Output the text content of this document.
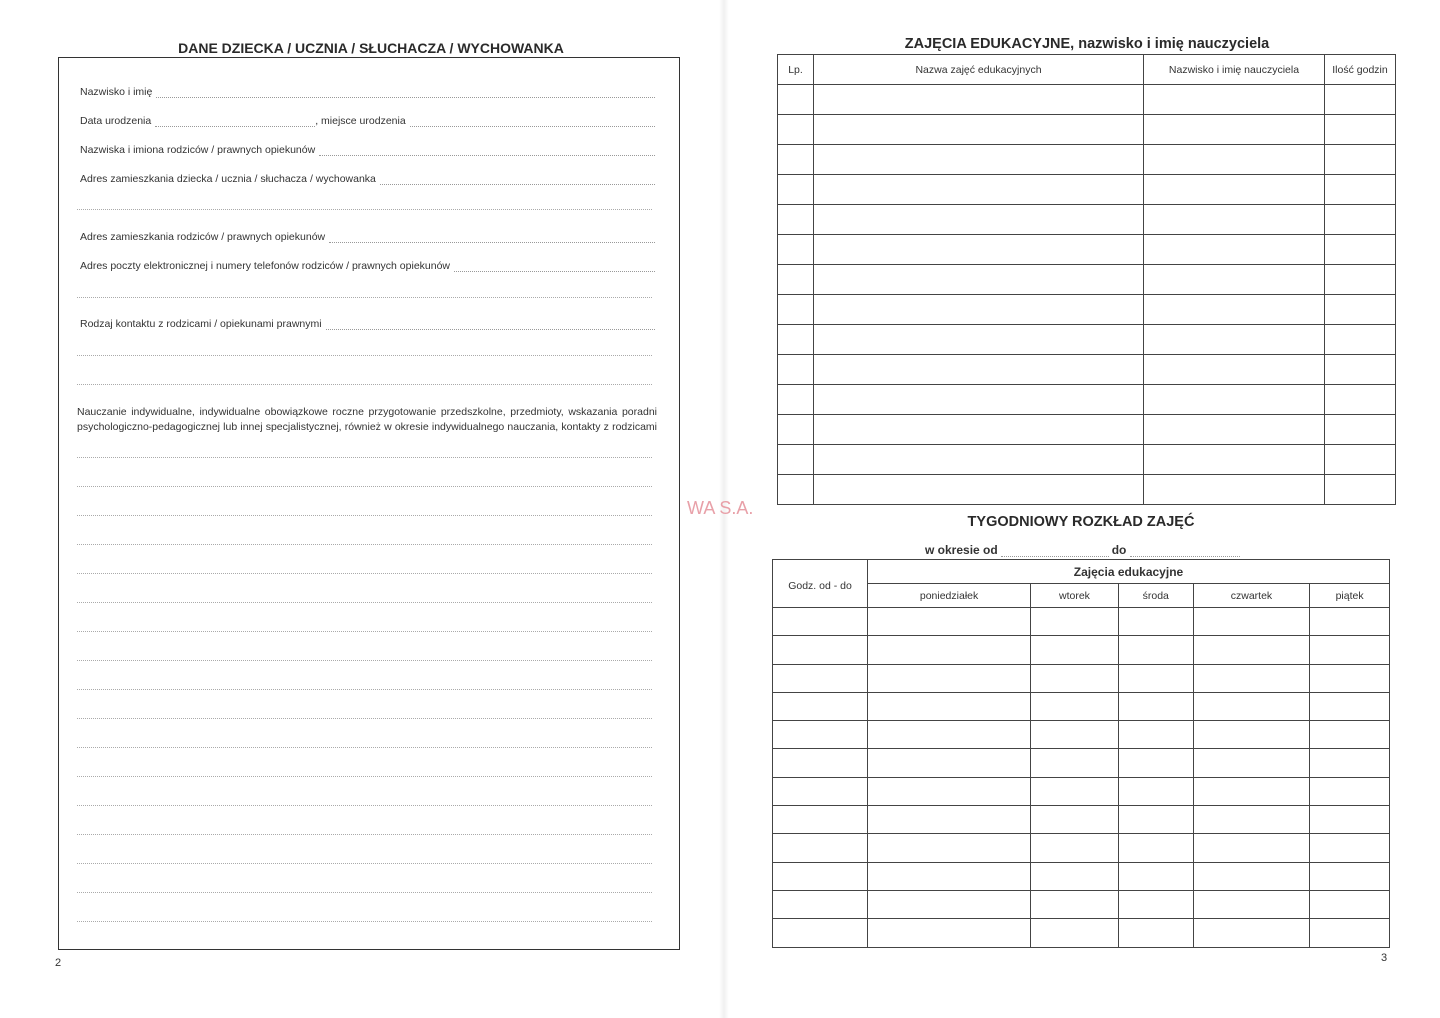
DANE DZIECKA / UCZNIA / SŁUCHACZA / WYCHOWANKA
Nazwisko i imię
Data urodzenia	, miejsce urodzenia
Nazwiska i imiona rodziców / prawnych opiekunów
Adres zamieszkania dziecka / ucznia / słuchacza / wychowanka
Adres zamieszkania rodziców / prawnych opiekunów
Adres poczty elektronicznej i numery telefonów rodziców / prawnych opiekunów
Rodzaj kontaktu z rodzicami / opiekunami prawnymi
Nauczanie indywidualne, indywidualne obowiązkowe roczne przygotowanie przedszkolne, przedmioty, wskazania poradni psychologiczno-pedagogicznej lub innej specjalistycznej, również w okresie indywidualnego nauczania, kontakty z rodzicami
2
ZAJĘCIA EDUKACYJNE, nazwisko i imię nauczyciela
Lp.	Nazwa zajęć edukacyjnych	Nazwisko i imię nauczyciela	Ilość godzin

WA S.A.
TYGODNIOWY ROZKŁAD ZAJĘĆ
w okresie od	do
Godz. od - do	Zajęcia edukacyjne				
	poniedziałek	wtorek	środa	czwartek	piątek

3
